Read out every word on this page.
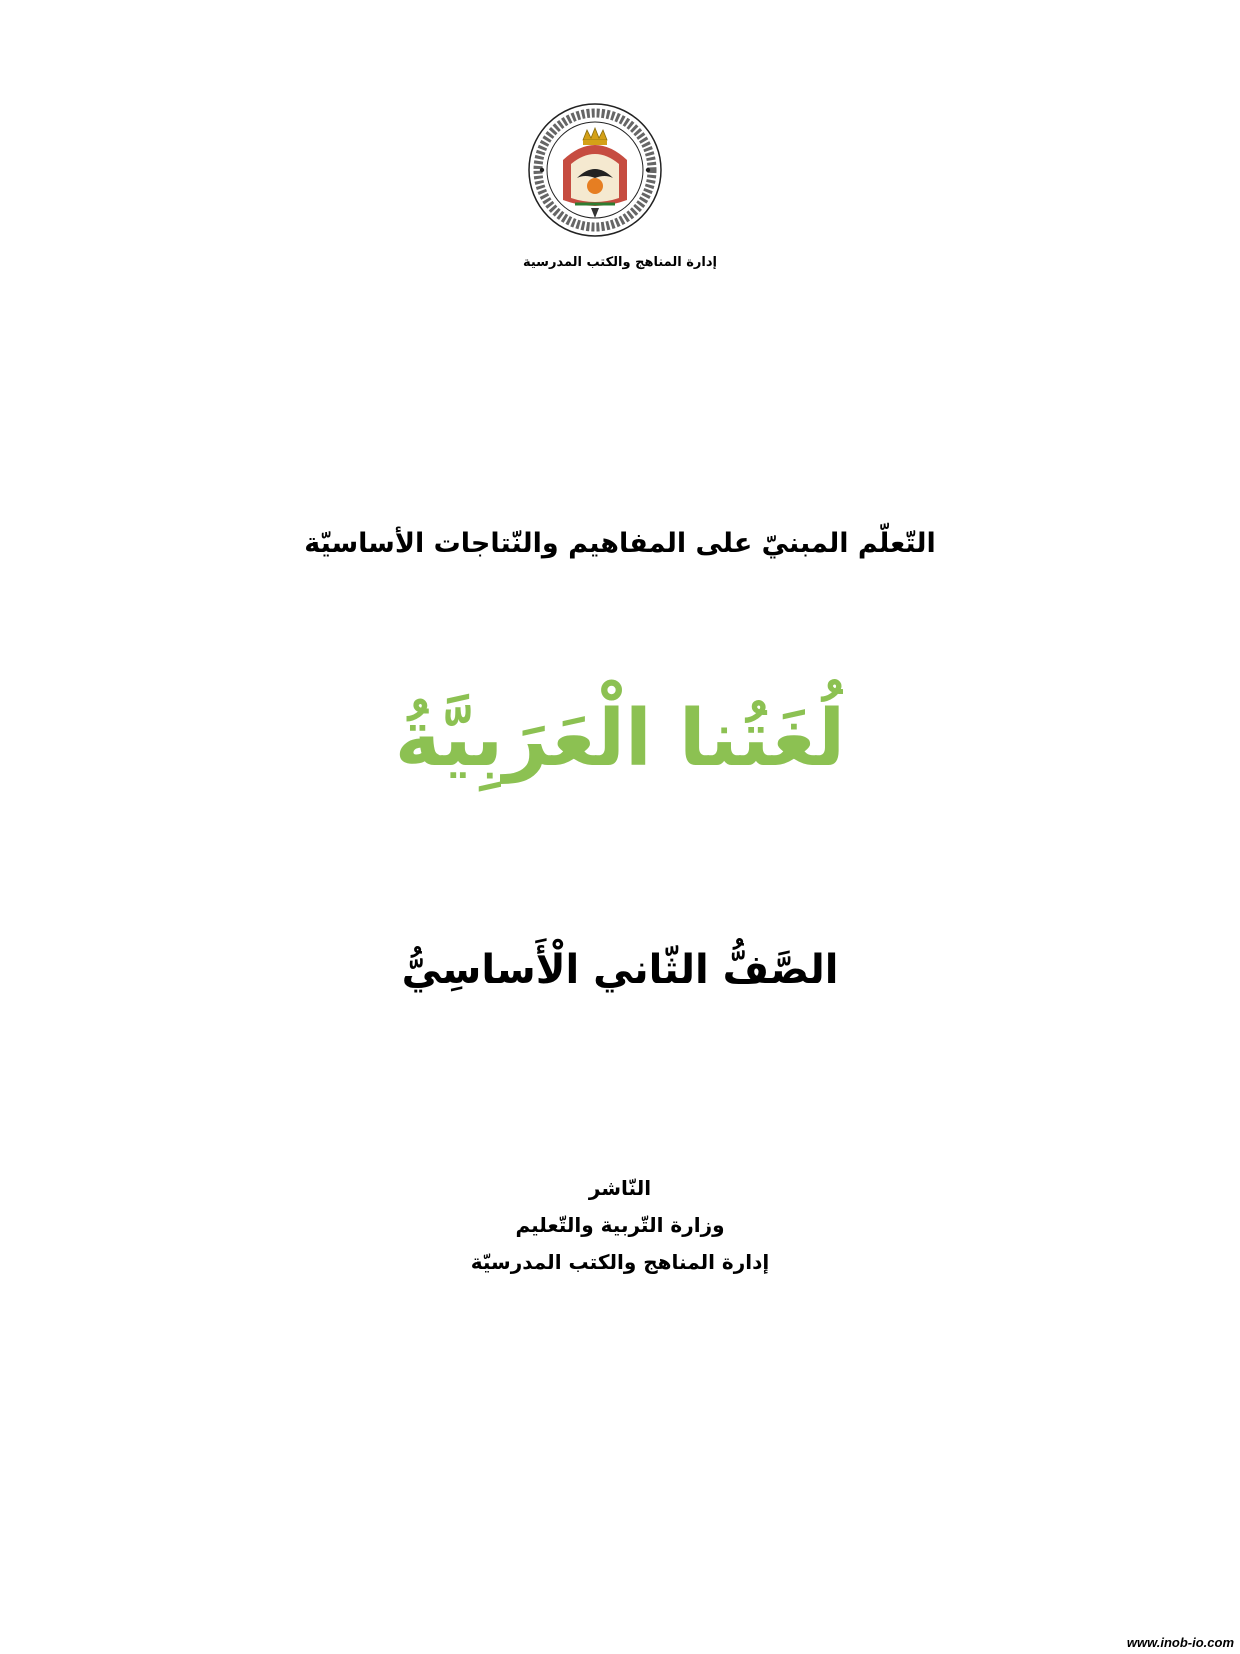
إدارة المناهج والكتب المدرسية
التّعلّم المبنيّ على المفاهيم والنّتاجات الأساسيّة
لُغَتُنا الْعَرَبِيَّةُ
الصَّفُّ الثّاني الْأَساسِيُّ
النّاشر
وزارة التّربية والتّعليم
إدارة المناهج والكتب المدرسيّة
www.inob-io.com
